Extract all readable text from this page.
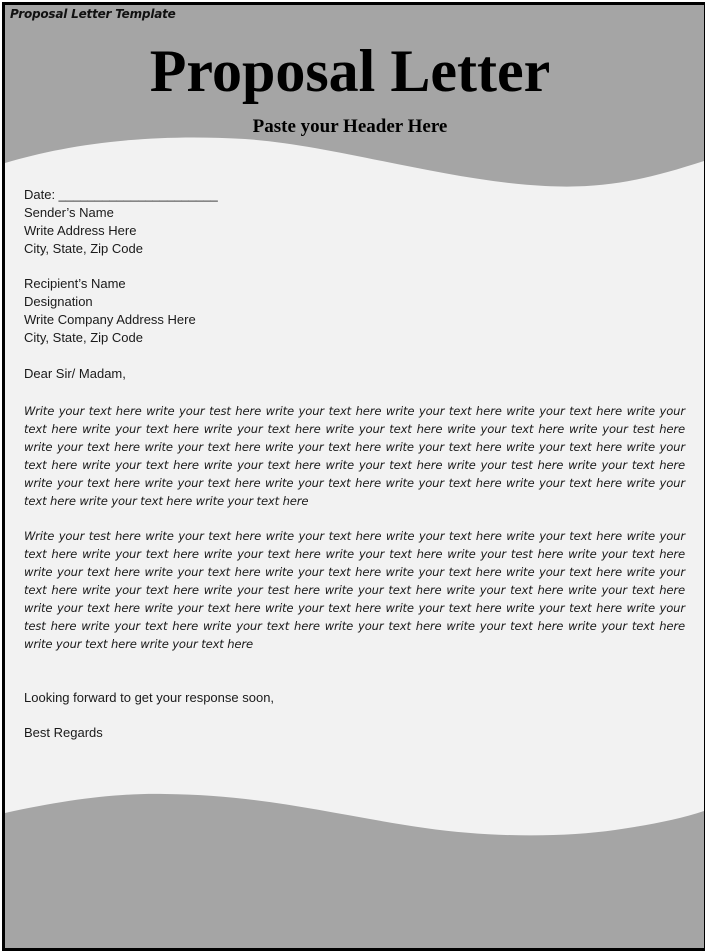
Proposal Letter Template
Proposal Letter
Paste your Header Here
Date: ______________________
Sender’s Name
Write Address Here
City, State, Zip Code
Recipient’s Name
Designation
Write Company Address Here
City, State, Zip Code
Dear Sir/ Madam,
Write your text here write your test here write your text here write your text here write your text here write your text here write your text here write your text here write your text here write your text here write your test here write your text here write your text here write your text here write your text here write your text here write your text here write your text here write your text here write your text here write your test here write your text here write your text here write your text here write your text here write your text here write your text here write your text here write your text here write your text here
Write your test here write your text here write your text here write your text here write your text here write your text here write your text here write your text here write your text here write your test here write your text here write your text here write your text here write your text here write your text here write your text here write your text here write your text here write your test here write your text here write your text here write your text here write your text here write your text here write your text here write your text here write your text here write your test here write your text here write your text here write your text here write your text here write your text here write your text here write your text here
Looking forward to get your response soon,
Best Regards
